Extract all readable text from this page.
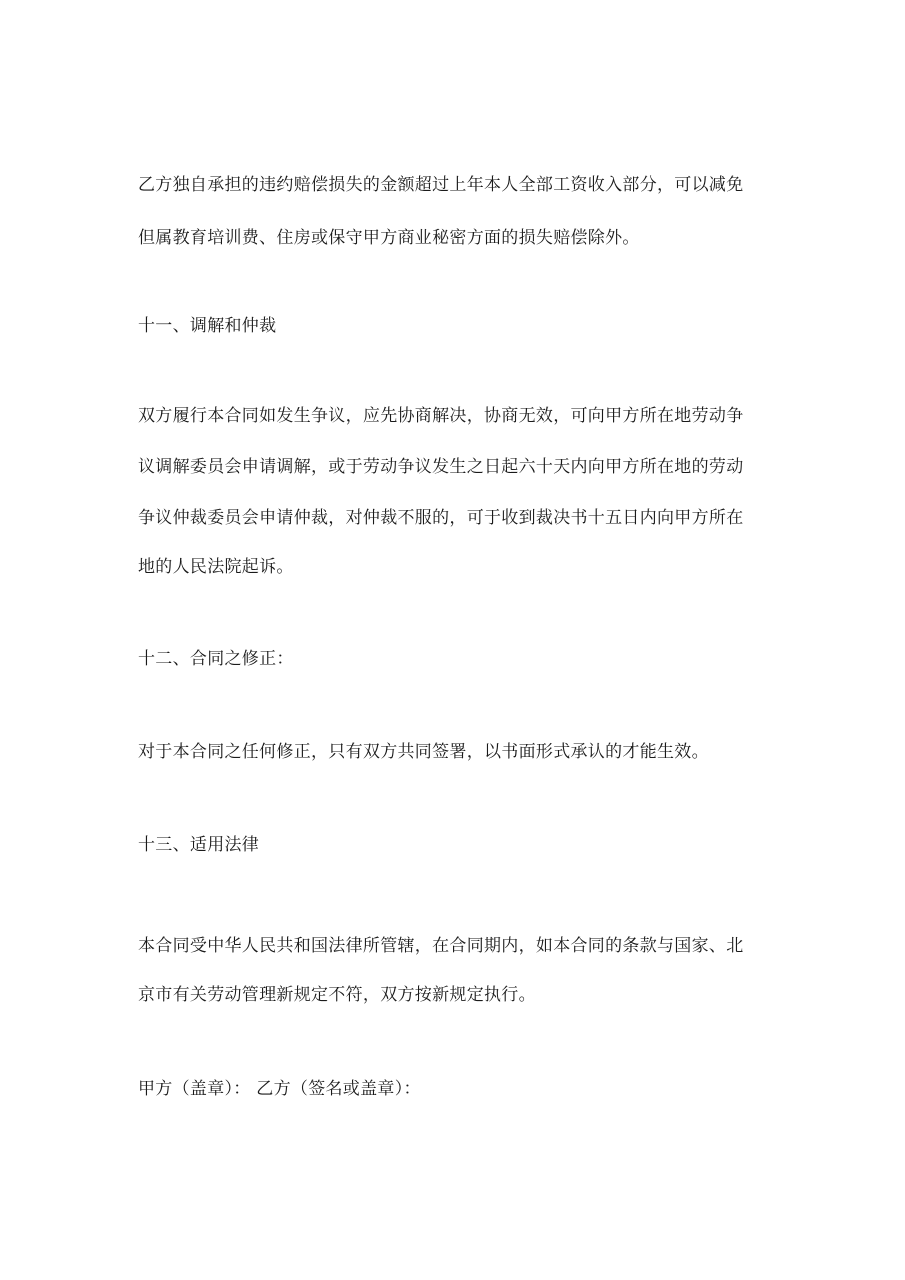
乙方独自承担的违约赔偿损失的金额超过上年本人全部工资收入部分，可以减免
但属教育培训费、住房或保守甲方商业秘密方面的损失赔偿除外。
十一、调解和仲裁
双方履行本合同如发生争议，应先协商解决，协商无效，可向甲方所在地劳动争
议调解委员会申请调解，或于劳动争议发生之日起六十天内向甲方所在地的劳动
争议仲裁委员会申请仲裁，对仲裁不服的，可于收到裁决书十五日内向甲方所在
地的人民法院起诉。
十二、合同之修正：
对于本合同之任何修正，只有双方共同签署，以书面形式承认的才能生效。
十三、适用法律
本合同受中华人民共和国法律所管辖，在合同期内，如本合同的条款与国家、北
京市有关劳动管理新规定不符，双方按新规定执行。
甲方（盖章）： 乙方（签名或盖章）：
